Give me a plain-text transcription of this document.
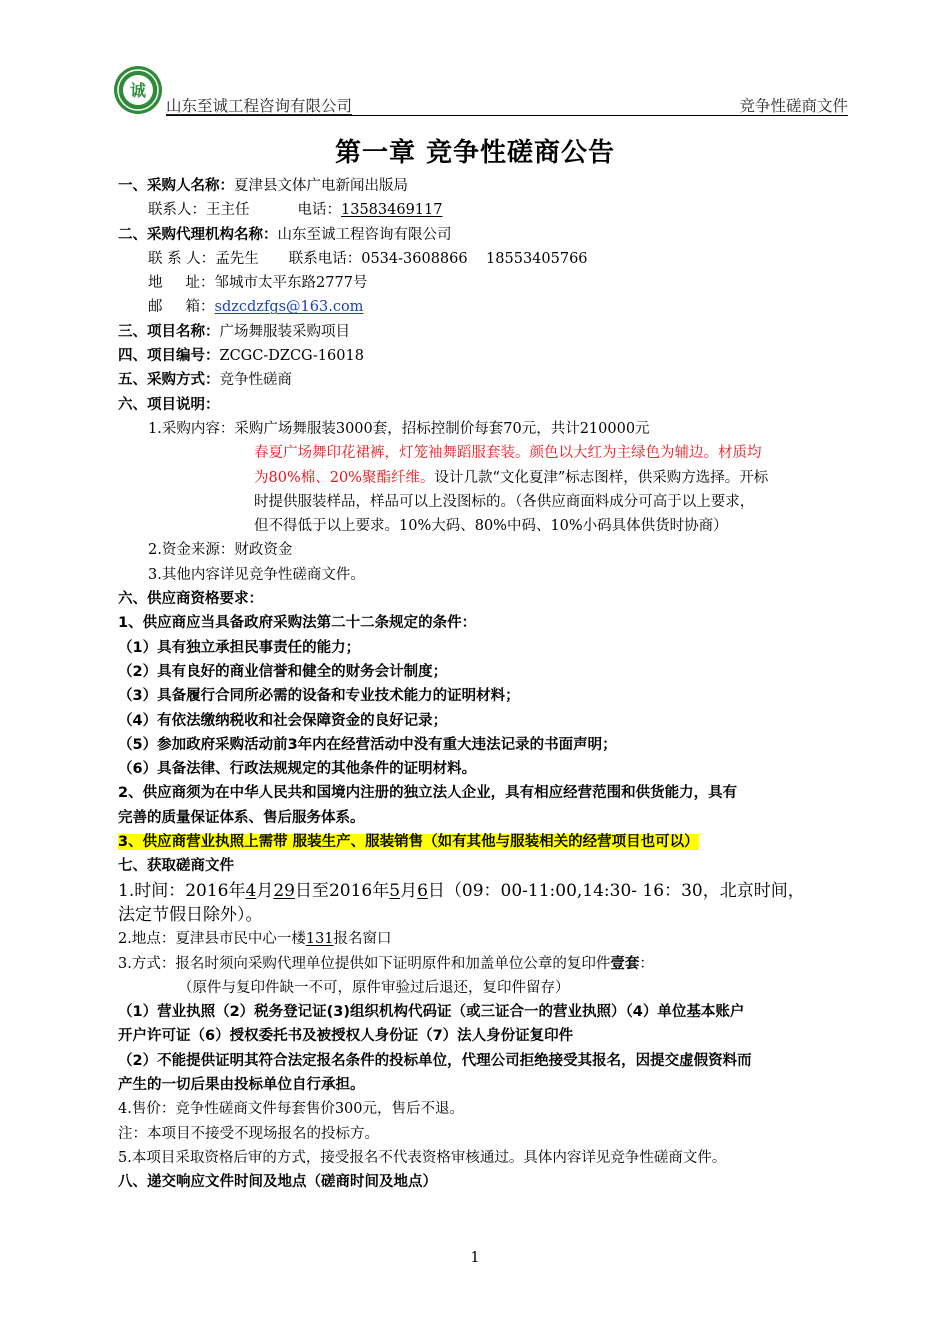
诚
山东至诚工程咨询有限公司	竞争性磋商文件
第一章 竞争性磋商公告
一、采购人名称：夏津县文体广电新闻出版局
联系人：王主任	电话：13583469117
二、采购代理机构名称：山东至诚工程咨询有限公司
联 系 人：孟先生 联系电话：0534-3608866 18553405766
地     址：邹城市太平东路2777号
邮     箱：sdzcdzfgs@163.com
三、项目名称：广场舞服装采购项目
四、项目编号：ZCGC-DZCG-16018
五、采购方式：竞争性磋商
六、项目说明：
1.采购内容：采购广场舞服装3000套，招标控制价每套70元，共计210000元
春夏广场舞印花裙裤，灯笼袖舞蹈服套装。颜色以大红为主绿色为辅边。材质均
为80%棉、20%聚酯纤维。设计几款“文化夏津”标志图样，供采购方选择。开标
时提供服装样品，样品可以上没图标的。（各供应商面料成分可高于以上要求，
但不得低于以上要求。10%大码、80%中码、10%小码具体供货时协商）
2.资金来源：财政资金
3.其他内容详见竞争性磋商文件。
六、供应商资格要求：
1、供应商应当具备政府采购法第二十二条规定的条件：
（1）具有独立承担民事责任的能力；
（2）具有良好的商业信誉和健全的财务会计制度；
（3）具备履行合同所必需的设备和专业技术能力的证明材料；
（4）有依法缴纳税收和社会保障资金的良好记录；
（5）参加政府采购活动前3年内在经营活动中没有重大违法记录的书面声明；
（6）具备法律、行政法规规定的其他条件的证明材料。
2、供应商须为在中华人民共和国境内注册的独立法人企业，具有相应经营范围和供货能力，具有
完善的质量保证体系、售后服务体系。
3、供应商营业执照上需带 服装生产、服装销售（如有其他与服装相关的经营项目也可以）
七、获取磋商文件
1.时间：2016年4月29日至2016年5月6日（09：00-11:00,14:30- 16：30，北京时间，
法定节假日除外）。
2.地点：夏津县市民中心一楼131报名窗口
3.方式：报名时须向采购代理单位提供如下证明原件和加盖单位公章的复印件壹套：
（原件与复印件缺一不可，原件审验过后退还，复印件留存）
（1）营业执照（2）税务登记证(3)组织机构代码证（或三证合一的营业执照）（4）单位基本账户
开户许可证（6）授权委托书及被授权人身份证（7）法人身份证复印件
（2）不能提供证明其符合法定报名条件的投标单位，代理公司拒绝接受其报名，因提交虚假资料而
产生的一切后果由投标单位自行承担。
4.售价：竞争性磋商文件每套售价300元，售后不退。
注：本项目不接受不现场报名的投标方。
5.本项目采取资格后审的方式，接受报名不代表资格审核通过。具体内容详见竞争性磋商文件。
八、递交响应文件时间及地点（磋商时间及地点）
1
